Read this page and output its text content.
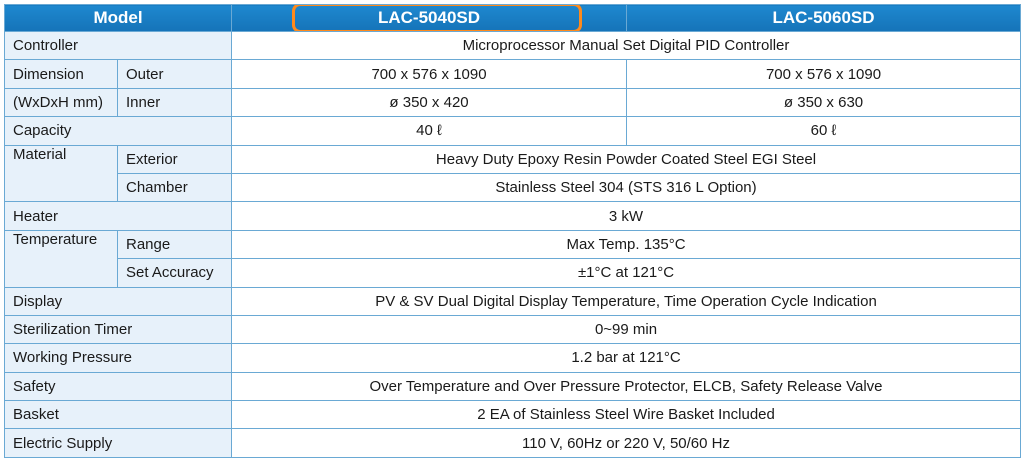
Model		LAC-5040SD	LAC-5060SD
Controller		Microprocessor Manual Set Digital PID Controller	
Dimension	Outer	700 x 576 x 1090	700 x 576 x 1090
(WxDxH mm)	Inner	ø 350 x 420	ø 350 x 630
Capacity		40 ℓ	60 ℓ
Material	Exterior	Heavy Duty Epoxy Resin Powder Coated Steel EGI Steel	
	Chamber	Stainless Steel 304 (STS 316 L Option)	
Heater		3 kW	
Temperature	Range	Max Temp. 135°C	
	Set Accuracy	±1°C at 121°C	
Display		PV & SV Dual Digital Display Temperature, Time Operation Cycle Indication	
Sterilization Timer		0~99 min	
Working Pressure		1.2 bar at 121°C	
Safety		Over Temperature and Over Pressure Protector, ELCB, Safety Release Valve	
Basket		2 EA of Stainless Steel Wire Basket Included	
Electric Supply		110 V, 60Hz or 220 V, 50/60 Hz	
